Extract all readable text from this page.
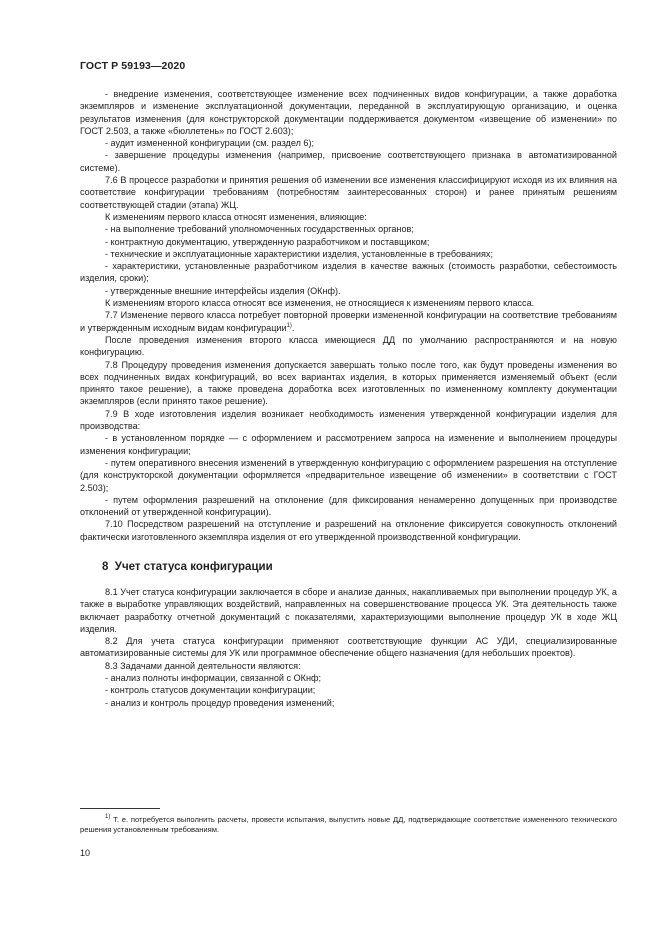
ГОСТ Р 59193—2020

- внедрение изменения, соответствующее изменение всех подчиненных видов конфигурации, а также доработка экземпляров и изменение эксплуатационной документации, переданной в эксплуатирующую организацию, и оценка результатов изменения (для конструкторской документации поддерживается документом «извещение об изменении» по ГОСТ 2.503, а также «бюллетень» по ГОСТ 2.603);

- аудит измененной конфигурации (см. раздел 6);

- завершение процедуры изменения (например, присвоение соответствующего признака в автоматизированной системе).

7.6 В процессе разработки и принятия решения об изменении все изменения классифицируют исходя из их влияния на соответствие конфигурации требованиям (потребностям заинтересованных сторон) и ранее принятым решениям соответствующей стадии (этапа) ЖЦ.

К изменениям первого класса относят изменения, влияющие:

- на выполнение требований уполномоченных государственных органов;

- контрактную документацию, утвержденную разработчиком и поставщиком;

- технические и эксплуатационные характеристики изделия, установленные в требованиях;

- характеристики, установленные разработчиком изделия в качестве важных (стоимость разработки, себестоимость изделия, сроки);

- утвержденные внешние интерфейсы изделия (ОКнф).

К изменениям второго класса относят все изменения, не относящиеся к изменениям первого класса.

7.7 Изменение первого класса потребует повторной проверки измененной конфигурации на соответствие требованиям и утвержденным исходным видам конфигурации$^{1)}$.

После проведения изменения второго класса имеющиеся ДД по умолчанию распространяются и на новую конфигурацию.

7.8 Процедуру проведения изменения допускается завершать только после того, как будут проведены изменения во всех подчиненных видах конфигураций, во всех вариантах изделия, в которых применяется изменяемый объект (если принято такое решение), а также проведена доработка всех изготовленных по измененному комплекту документации экземпляров (если принято такое решение).

7.9 В ходе изготовления изделия возникает необходимость изменения утвержденной конфигурации изделия для производства:

- в установленном порядке — с оформлением и рассмотрением запроса на изменение и выполнением процедуры изменения конфигурации;

- путем оперативного внесения изменений в утвержденную конфигурацию с оформлением разрешения на отступление (для конструкторской документации оформляется «предварительное извещение об изменении» в соответствии с ГОСТ 2.503);

- путем оформления разрешений на отклонение (для фиксирования ненамеренно допущенных при производстве отклонений от утвержденной конфигурации).

7.10 Посредством разрешений на отступление и разрешений на отклонение фиксируется совокупность отклонений фактически изготовленного экземпляра изделия от его утвержденной производственной конфигурации.

8 Учет статуса конфигурации

8.1 Учет статуса конфигурации заключается в сборе и анализе данных, накапливаемых при выполнении процедур УК, а также в выработке управляющих воздействий, направленных на совершенствование процесса УК. Эта деятельность также включает разработку отчетной документаций с показателями, характеризующими выполнение процедур УК в ходе ЖЦ изделия.

8.2 Для учета статуса конфигурации применяют соответствующие функции АС УДИ, специализированные автоматизированные системы для УК или программное обеспечение общего назначения (для небольших проектов).

8.3 Задачами данной деятельности являются:

- анализ полноты информации, связанной с ОКнф;

- контроль статусов документации конфигурации;

- анализ и контроль процедур проведения изменений;

$^{1)}$ Т. е. потребуется выполнить расчеты, провести испытания, выпустить новые ДД, подтверждающие соответствие измененного технического решения установленным требованиям.

10
